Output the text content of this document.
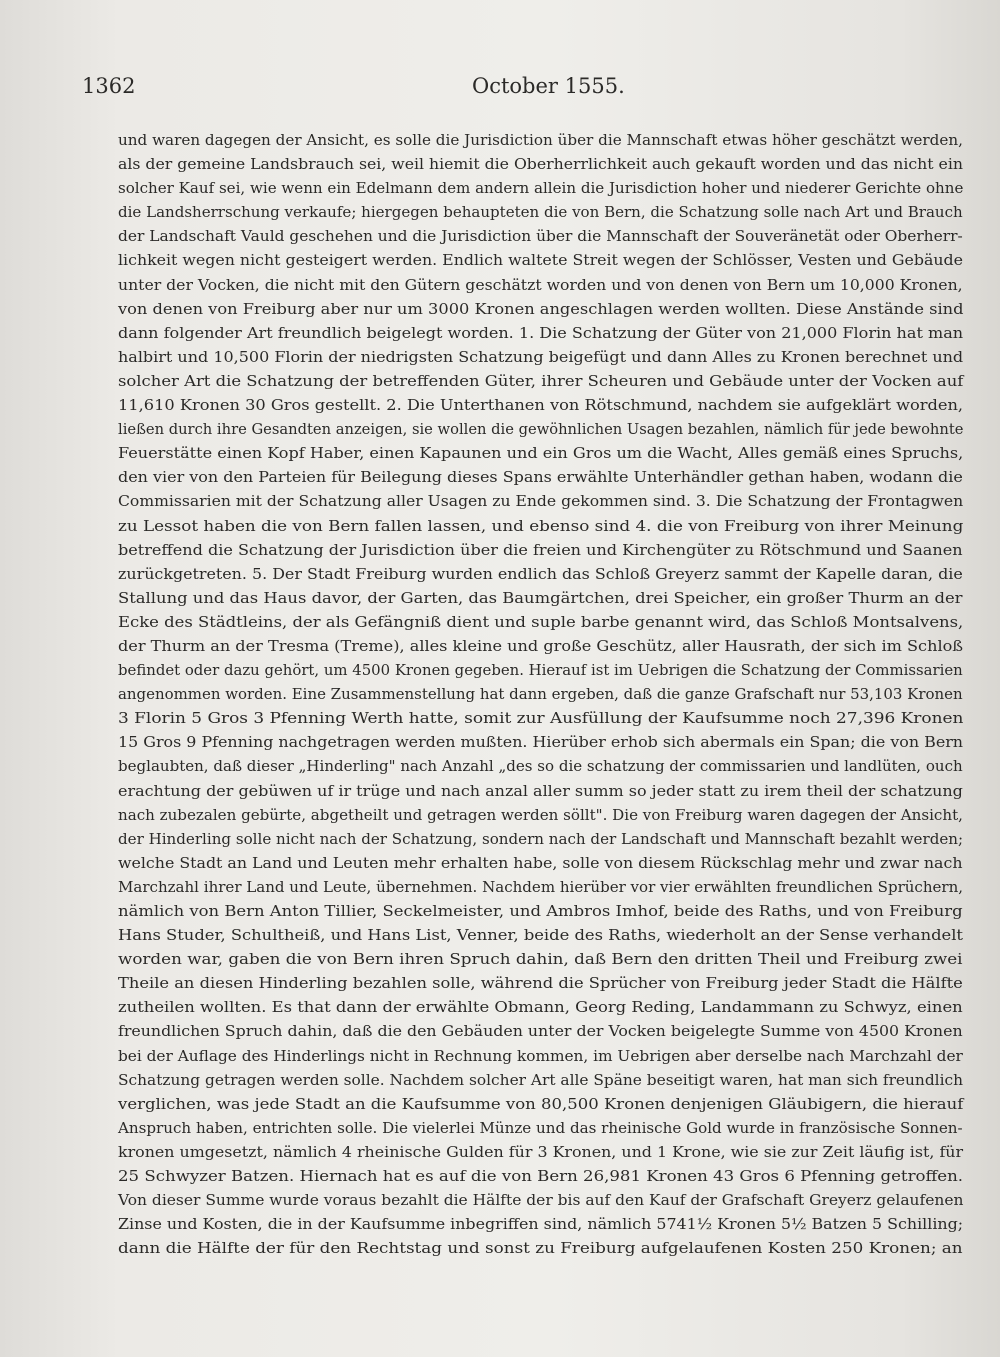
1362	October 1555.
und waren dagegen der Ansicht, es solle die Jurisdiction über die Mannschaft etwas höher geschätzt werden,
als der gemeine Landsbrauch sei, weil hiemit die Oberherrlichkeit auch gekauft worden und das nicht ein
solcher Kauf sei, wie wenn ein Edelmann dem andern allein die Jurisdiction hoher und niederer Gerichte ohne
die Landsherrschung verkaufe; hiergegen behaupteten die von Bern, die Schatzung solle nach Art und Brauch
der Landschaft Vauld geschehen und die Jurisdiction über die Mannschaft der Souveränetät oder Oberherr-
lichkeit wegen nicht gesteigert werden. Endlich waltete Streit wegen der Schlösser, Vesten und Gebäude
unter der Vocken, die nicht mit den Gütern geschätzt worden und von denen von Bern um 10,000 Kronen,
von denen von Freiburg aber nur um 3000 Kronen angeschlagen werden wollten. Diese Anstände sind
dann folgender Art freundlich beigelegt worden. 1. Die Schatzung der Güter von 21,000 Florin hat man
halbirt und 10,500 Florin der niedrigsten Schatzung beigefügt und dann Alles zu Kronen berechnet und
solcher Art die Schatzung der betreffenden Güter, ihrer Scheuren und Gebäude unter der Vocken auf
11,610 Kronen 30 Gros gestellt. 2. Die Unterthanen von Rötschmund, nachdem sie aufgeklärt worden,
ließen durch ihre Gesandten anzeigen, sie wollen die gewöhnlichen Usagen bezahlen, nämlich für jede bewohnte
Feuerstätte einen Kopf Haber, einen Kapaunen und ein Gros um die Wacht, Alles gemäß eines Spruchs,
den vier von den Parteien für Beilegung dieses Spans erwählte Unterhändler gethan haben, wodann die
Commissarien mit der Schatzung aller Usagen zu Ende gekommen sind. 3. Die Schatzung der Frontagwen
zu Lessot haben die von Bern fallen lassen, und ebenso sind 4. die von Freiburg von ihrer Meinung
betreffend die Schatzung der Jurisdiction über die freien und Kirchengüter zu Rötschmund und Saanen
zurückgetreten. 5. Der Stadt Freiburg wurden endlich das Schloß Greyerz sammt der Kapelle daran, die
Stallung und das Haus davor, der Garten, das Baumgärtchen, drei Speicher, ein großer Thurm an der
Ecke des Städtleins, der als Gefängniß dient und suple barbe genannt wird, das Schloß Montsalvens,
der Thurm an der Tresma (Treme), alles kleine und große Geschütz, aller Hausrath, der sich im Schloß
befindet oder dazu gehört, um 4500 Kronen gegeben. Hierauf ist im Uebrigen die Schatzung der Commissarien
angenommen worden. Eine Zusammenstellung hat dann ergeben, daß die ganze Grafschaft nur 53,103 Kronen
3 Florin 5 Gros 3 Pfenning Werth hatte, somit zur Ausfüllung der Kaufsumme noch 27,396 Kronen
15 Gros 9 Pfenning nachgetragen werden mußten. Hierüber erhob sich abermals ein Span; die von Bern
beglaubten, daß dieser „Hinderling" nach Anzahl „des so die schatzung der commissarien und landlüten, ouch
erachtung der gebüwen uf ir trüge und nach anzal aller summ so jeder statt zu irem theil der schatzung
nach zubezalen gebürte, abgetheilt und getragen werden söllt". Die von Freiburg waren dagegen der Ansicht,
der Hinderling solle nicht nach der Schatzung, sondern nach der Landschaft und Mannschaft bezahlt werden;
welche Stadt an Land und Leuten mehr erhalten habe, solle von diesem Rückschlag mehr und zwar nach
Marchzahl ihrer Land und Leute, übernehmen. Nachdem hierüber vor vier erwählten freundlichen Sprüchern,
nämlich von Bern Anton Tillier, Seckelmeister, und Ambros Imhof, beide des Raths, und von Freiburg
Hans Studer, Schultheiß, und Hans List, Venner, beide des Raths, wiederholt an der Sense verhandelt
worden war, gaben die von Bern ihren Spruch dahin, daß Bern den dritten Theil und Freiburg zwei
Theile an diesen Hinderling bezahlen solle, während die Sprücher von Freiburg jeder Stadt die Hälfte
zutheilen wollten. Es that dann der erwählte Obmann, Georg Reding, Landammann zu Schwyz, einen
freundlichen Spruch dahin, daß die den Gebäuden unter der Vocken beigelegte Summe von 4500 Kronen
bei der Auflage des Hinderlings nicht in Rechnung kommen, im Uebrigen aber derselbe nach Marchzahl der
Schatzung getragen werden solle. Nachdem solcher Art alle Späne beseitigt waren, hat man sich freundlich
verglichen, was jede Stadt an die Kaufsumme von 80,500 Kronen denjenigen Gläubigern, die hierauf
Anspruch haben, entrichten solle. Die vielerlei Münze und das rheinische Gold wurde in französische Sonnen-
kronen umgesetzt, nämlich 4 rheinische Gulden für 3 Kronen, und 1 Krone, wie sie zur Zeit läufig ist, für
25 Schwyzer Batzen. Hiernach hat es auf die von Bern 26,981 Kronen 43 Gros 6 Pfenning getroffen.
Von dieser Summe wurde voraus bezahlt die Hälfte der bis auf den Kauf der Grafschaft Greyerz gelaufenen
Zinse und Kosten, die in der Kaufsumme inbegriffen sind, nämlich 5741½ Kronen 5½ Batzen 5 Schilling;
dann die Hälfte der für den Rechtstag und sonst zu Freiburg aufgelaufenen Kosten 250 Kronen; an
